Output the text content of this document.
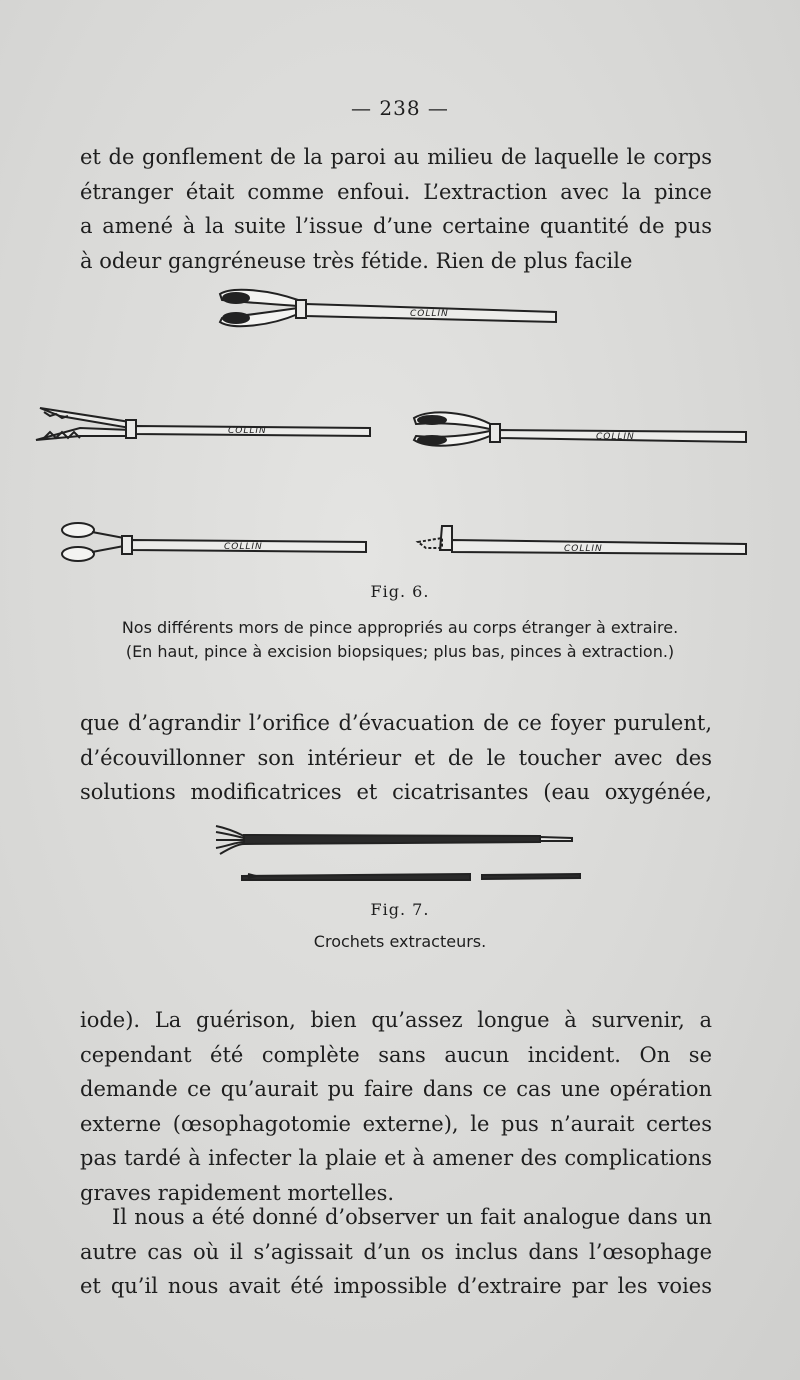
— 238 —
et de gonflement de la paroi au milieu de laquelle le corps
étranger était comme enfoui. L’extraction avec la pince
a amené à la suite l’issue d’une certaine quantité de pus
à odeur gangréneuse très fétide. Rien de plus facile
COLLIN
COLLIN
COLLIN
COLLIN	COLLIN
Fig. 6.
Nos différents mors de pince appropriés au corps étranger à extraire.
(En haut, pince à excision biopsiques; plus bas, pinces à extraction.)
que d’agrandir l’orifice d’évacuation de ce foyer purulent,
d’écouvillonner son intérieur et de le toucher avec des
solutions modificatrices et cicatrisantes (eau oxygénée,
Fig. 7.
Crochets extracteurs.
iode). La guérison, bien qu’assez longue à survenir, a
cependant été complète sans aucun incident. On se
demande ce qu’aurait pu faire dans ce cas une opération
externe (œsophagotomie externe), le pus n’aurait certes
pas tardé à infecter la plaie et à amener des complications
graves rapidement mortelles.
Il nous a été donné d’observer un fait analogue dans un
autre cas où il s’agissait d’un os inclus dans l’œsophage
et qu’il nous avait été impossible d’extraire par les voies
